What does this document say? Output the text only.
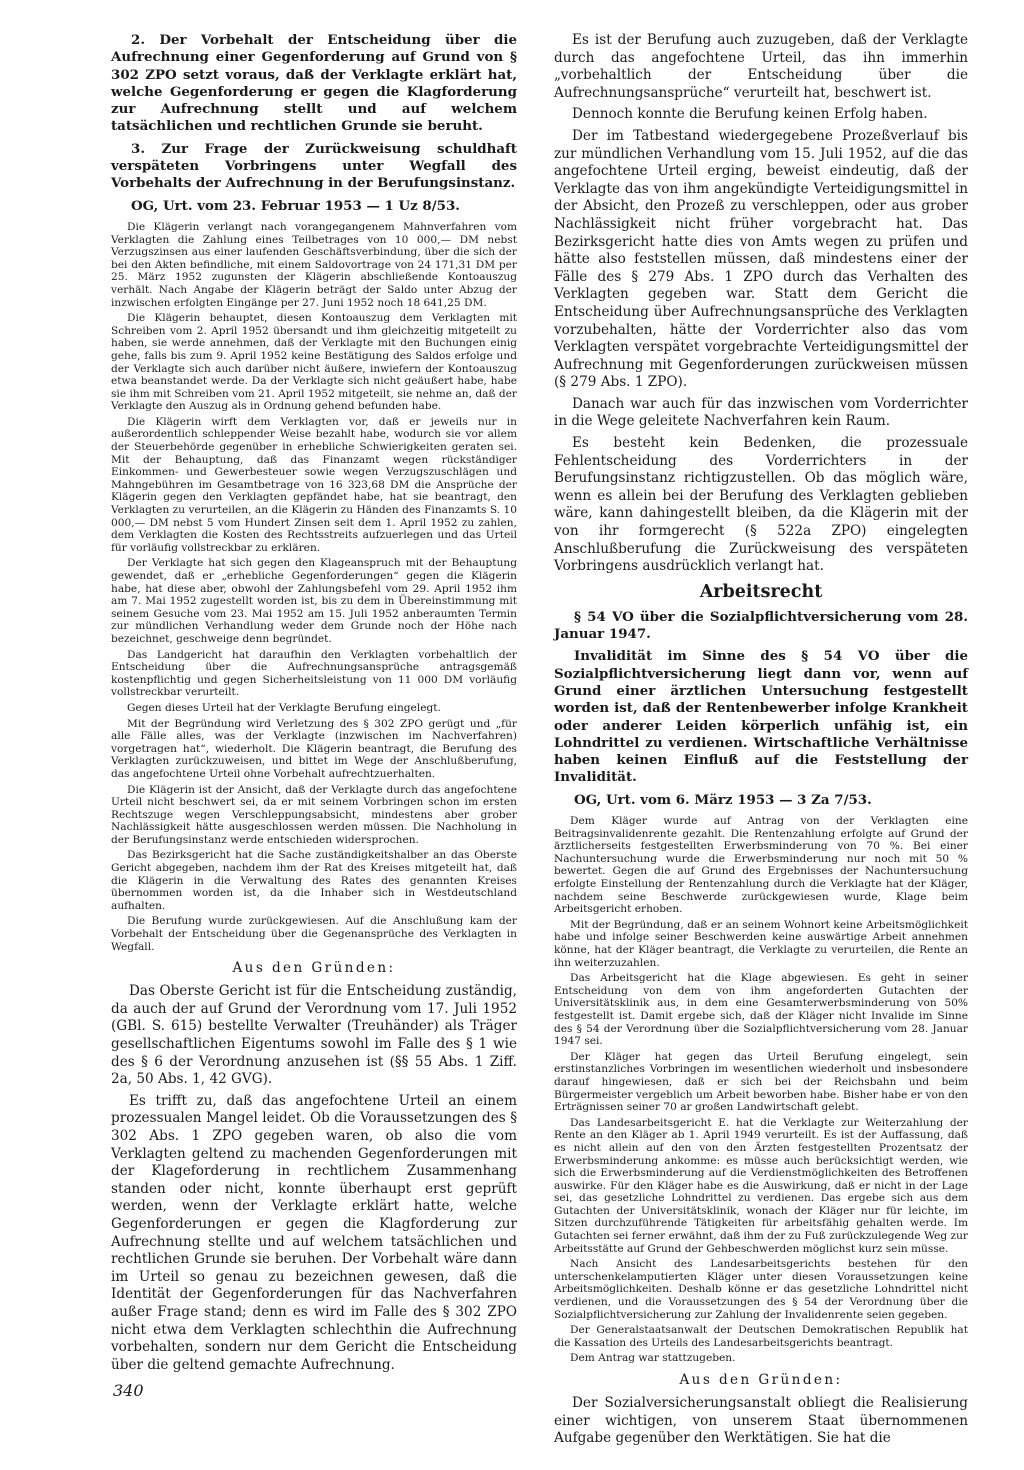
2. Der Vorbehalt der Entscheidung über die Aufrechnung einer Gegenforderung auf Grund von § 302 ZPO setzt voraus, daß der Verklagte erklärt hat, welche Gegenforderung er gegen die Klagforderung zur Aufrechnung stellt und auf welchem tatsächlichen und rechtlichen Grunde sie beruht.

3. Zur Frage der Zurückweisung schuldhaft verspäteten Vorbringens unter Wegfall des Vorbehalts der Aufrechnung in der Berufungsinstanz.

OG, Urt. vom 23. Februar 1953 — 1 Uz 8/53.

Die Klägerin verlangt nach vorangegangenem Mahnverfahren vom Verklagten die Zahlung eines Teilbetrages von 10 000,— DM nebst Verzugszinsen aus einer laufenden Geschäftsverbindung, über die sich der bei den Akten befindliche, mit einem Saldovortrage von 24 171,31 DM per 25. März 1952 zugunsten der Klägerin abschließende Kontoauszug verhält. Nach Angabe der Klägerin beträgt der Saldo unter Abzug der inzwischen erfolgten Eingänge per 27. Juni 1952 noch 18 641,25 DM.

Die Klägerin behauptet, diesen Kontoauszug dem Verklagten mit Schreiben vom 2. April 1952 übersandt und ihm gleichzeitig mitgeteilt zu haben, sie werde annehmen, daß der Verklagte mit den Buchungen einig gehe, falls bis zum 9. April 1952 keine Bestätigung des Saldos erfolge und der Verklagte sich auch darüber nicht äußere, inwiefern der Kontoauszug etwa beanstandet werde. Da der Verklagte sich nicht geäußert habe, habe sie ihm mit Schreiben vom 21. April 1952 mitgeteilt, sie nehme an, daß der Verklagte den Auszug als in Ordnung gehend befunden habe.

Die Klägerin wirft dem Verklagten vor, daß er jeweils nur in außerordentlich schleppender Weise bezahlt habe, wodurch sie vor allem der Steuerbehörde gegenüber in erhebliche Schwierigkeiten geraten sei. Mit der Behauptung, daß das Finanzamt wegen rückständiger Einkommen- und Gewerbesteuer sowie wegen Verzugszuschlägen und Mahngebühren im Gesamtbetrage von 16 323,68 DM die Ansprüche der Klägerin gegen den Verklagten gepfändet habe, hat sie beantragt, den Verklagten zu verurteilen, an die Klägerin zu Händen des Finanzamts S. 10 000,— DM nebst 5 vom Hundert Zinsen seit dem 1. April 1952 zu zahlen, dem Verklagten die Kosten des Rechtsstreits aufzuerlegen und das Urteil für vorläufig vollstreckbar zu erklären.

Der Verklagte hat sich gegen den Klageanspruch mit der Behauptung gewendet, daß er „erhebliche Gegenforderungen“ gegen die Klägerin habe, hat diese aber, obwohl der Zahlungsbefehl vom 29. April 1952 ihm am 7. Mai 1952 zugestellt worden ist, bis zu dem in Übereinstimmung mit seinem Gesuche vom 23. Mai 1952 am 15. Juli 1952 anberaumten Termin zur mündlichen Verhandlung weder dem Grunde noch der Höhe nach bezeichnet, geschweige denn begründet.

Das Landgericht hat daraufhin den Verklagten vorbehaltlich der Entscheidung über die Aufrechnungsansprüche antragsgemäß kostenpflichtig und gegen Sicherheitsleistung von 11 000 DM vorläufig vollstreckbar verurteilt.

Gegen dieses Urteil hat der Verklagte Berufung eingelegt.

Mit der Begründung wird Verletzung des § 302 ZPO gerügt und „für alle Fälle alles, was der Verklagte (inzwischen im Nachverfahren) vorgetragen hat“, wiederholt. Die Klägerin beantragt, die Berufung des Verklagten zurückzuweisen, und bittet im Wege der Anschlußberufung, das angefochtene Urteil ohne Vorbehalt aufrechtzuerhalten.

Die Klägerin ist der Ansicht, daß der Verklagte durch das angefochtene Urteil nicht beschwert sei, da er mit seinem Vorbringen schon im ersten Rechtszuge wegen Verschleppungsabsicht, mindestens aber grober Nachlässigkeit hätte ausgeschlossen werden müssen. Die Nachholung in der Berufungsinstanz werde entschieden widersprochen.

Das Bezirksgericht hat die Sache zuständigkeitshalber an das Oberste Gericht abgegeben, nachdem ihm der Rat des Kreises mitgeteilt hat, daß die Klägerin in die Verwaltung des Rates des genannten Kreises übernommen worden ist, da die Inhaber sich in Westdeutschland aufhalten.

Die Berufung wurde zurückgewiesen. Auf die Anschlußung kam der Vorbehalt der Entscheidung über die Gegenansprüche des Verklagten in Wegfall.

Aus den Gründen:

Das Oberste Gericht ist für die Entscheidung zuständig, da auch der auf Grund der Verordnung vom 17. Juli 1952 (GBl. S. 615) bestellte Verwalter (Treuhänder) als Träger gesellschaftlichen Eigentums sowohl im Falle des § 1 wie des § 6 der Verordnung anzusehen ist (§§ 55 Abs. 1 Ziff. 2a, 50 Abs. 1, 42 GVG).

Es trifft zu, daß das angefochtene Urteil an einem prozessualen Mangel leidet. Ob die Voraussetzungen des § 302 Abs. 1 ZPO gegeben waren, ob also die vom Verklagten geltend zu machenden Gegenforderungen mit der Klageforderung in rechtlichem Zusammenhang standen oder nicht, konnte überhaupt erst geprüft werden, wenn der Verklagte erklärt hatte, welche Gegenforderungen er gegen die Klagforderung zur Aufrechnung stellte und auf welchem tatsächlichen und rechtlichen Grunde sie beruhen. Der Vorbehalt wäre dann im Urteil so genau zu bezeichnen gewesen, daß die Identität der Gegenforderungen für das Nachverfahren außer Frage stand; denn es wird im Falle des § 302 ZPO nicht etwa dem Verklagten schlechthin die Aufrechnung vorbehalten, sondern nur dem Gericht die Entscheidung über die geltend gemachte Aufrechnung.

Es ist der Berufung auch zuzugeben, daß der Verklagte durch das angefochtene Urteil, das ihn immerhin „vorbehaltlich der Entscheidung über die Aufrechnungsansprüche“ verurteilt hat, beschwert ist.

Dennoch konnte die Berufung keinen Erfolg haben.

Der im Tatbestand wiedergegebene Prozeßverlauf bis zur mündlichen Verhandlung vom 15. Juli 1952, auf die das angefochtene Urteil erging, beweist eindeutig, daß der Verklagte das von ihm angekündigte Verteidigungsmittel in der Absicht, den Prozeß zu verschleppen, oder aus grober Nachlässigkeit nicht früher vorgebracht hat. Das Bezirksgericht hatte dies von Amts wegen zu prüfen und hätte also feststellen müssen, daß mindestens einer der Fälle des § 279 Abs. 1 ZPO durch das Verhalten des Verklagten gegeben war. Statt dem Gericht die Entscheidung über Aufrechnungsansprüche des Verklagten vorzubehalten, hätte der Vorderrichter also das vom Verklagten verspätet vorgebrachte Verteidigungsmittel der Aufrechnung mit Gegenforderungen zurückweisen müssen (§ 279 Abs. 1 ZPO).

Danach war auch für das inzwischen vom Vorderrichter in die Wege geleitete Nachverfahren kein Raum.

Es besteht kein Bedenken, die prozessuale Fehlentscheidung des Vorderrichters in der Berufungsinstanz richtigzustellen. Ob das möglich wäre, wenn es allein bei der Berufung des Verklagten geblieben wäre, kann dahingestellt bleiben, da die Klägerin mit der von ihr formgerecht (§ 522a ZPO) eingelegten Anschlußberufung die Zurückweisung des verspäteten Vorbringens ausdrücklich verlangt hat.

Arbeitsrecht

§ 54 VO über die Sozialpflichtversicherung vom 28. Januar 1947.

Invalidität im Sinne des § 54 VO über die Sozialpflichtversicherung liegt dann vor, wenn auf Grund einer ärztlichen Untersuchung festgestellt worden ist, daß der Rentenbewerber infolge Krankheit oder anderer Leiden körperlich unfähig ist, ein Lohndrittel zu verdienen. Wirtschaftliche Verhältnisse haben keinen Einfluß auf die Feststellung der Invalidität.

OG, Urt. vom 6. März 1953 — 3 Za 7/53.

Dem Kläger wurde auf Antrag von der Verklagten eine Beitragsinvalidenrente gezahlt. Die Rentenzahlung erfolgte auf Grund der ärztlicherseits festgestellten Erwerbsminderung von 70 %. Bei einer Nachuntersuchung wurde die Erwerbsminderung nur noch mit 50 % bewertet. Gegen die auf Grund des Ergebnisses der Nachuntersuchung erfolgte Einstellung der Rentenzahlung durch die Verklagte hat der Kläger, nachdem seine Beschwerde zurückgewiesen wurde, Klage beim Arbeitsgericht erhoben.

Mit der Begründung, daß er an seinem Wohnort keine Arbeitsmöglichkeit habe und infolge seiner Beschwerden keine auswärtige Arbeit annehmen könne, hat der Kläger beantragt, die Verklagte zu verurteilen, die Rente an ihn weiterzuzahlen.

Das Arbeitsgericht hat die Klage abgewiesen. Es geht in seiner Entscheidung von dem von ihm angeforderten Gutachten der Universitätsklinik aus, in dem eine Gesamterwerbsminderung von 50% festgestellt ist. Damit ergebe sich, daß der Kläger nicht Invalide im Sinne des § 54 der Verordnung über die Sozialpflichtversicherung vom 28. Januar 1947 sei.

Der Kläger hat gegen das Urteil Berufung eingelegt, sein erstinstanzliches Vorbringen im wesentlichen wiederholt und insbesondere darauf hingewiesen, daß er sich bei der Reichsbahn und beim Bürgermeister vergeblich um Arbeit beworben habe. Bisher habe er von den Erträgnissen seiner 70 ar großen Landwirtschaft gelebt.

Das Landesarbeitsgericht E. hat die Verklagte zur Weiterzahlung der Rente an den Kläger ab 1. April 1949 verurteilt. Es ist der Auffassung, daß es nicht allein auf den von den Ärzten festgestellten Prozentsatz der Erwerbsminderung ankomme: es müsse auch berücksichtigt werden, wie sich die Erwerbsminderung auf die Verdienstmöglichkeiten des Betroffenen auswirke. Für den Kläger habe es die Auswirkung, daß er nicht in der Lage sei, das gesetzliche Lohndrittel zu verdienen. Das ergebe sich aus dem Gutachten der Universitätsklinik, wonach der Kläger nur für leichte, im Sitzen durchzuführende Tätigkeiten für arbeitsfähig gehalten werde. Im Gutachten sei ferner erwähnt, daß ihm der zu Fuß zurückzulegende Weg zur Arbeitsstätte auf Grund der Gehbeschwerden möglichst kurz sein müsse.

Nach Ansicht des Landesarbeitsgerichts bestehen für den unterschenkelamputierten Kläger unter diesen Voraussetzungen keine Arbeitsmöglichkeiten. Deshalb könne er das gesetzliche Lohndrittel nicht verdienen, und die Voraussetzungen des § 54 der Verordnung über die Sozialpflichtversicherung zur Zahlung der Invalidenrente seien gegeben.

Der Generalstaatsanwalt der Deutschen Demokratischen Republik hat die Kassation des Urteils des Landesarbeitsgerichts beantragt.

Dem Antrag war stattzugeben.

Aus den Gründen:

Der Sozialversicherungsanstalt obliegt die Realisierung einer wichtigen, von unserem Staat übernommenen Aufgabe gegenüber den Werktätigen. Sie hat die

340
